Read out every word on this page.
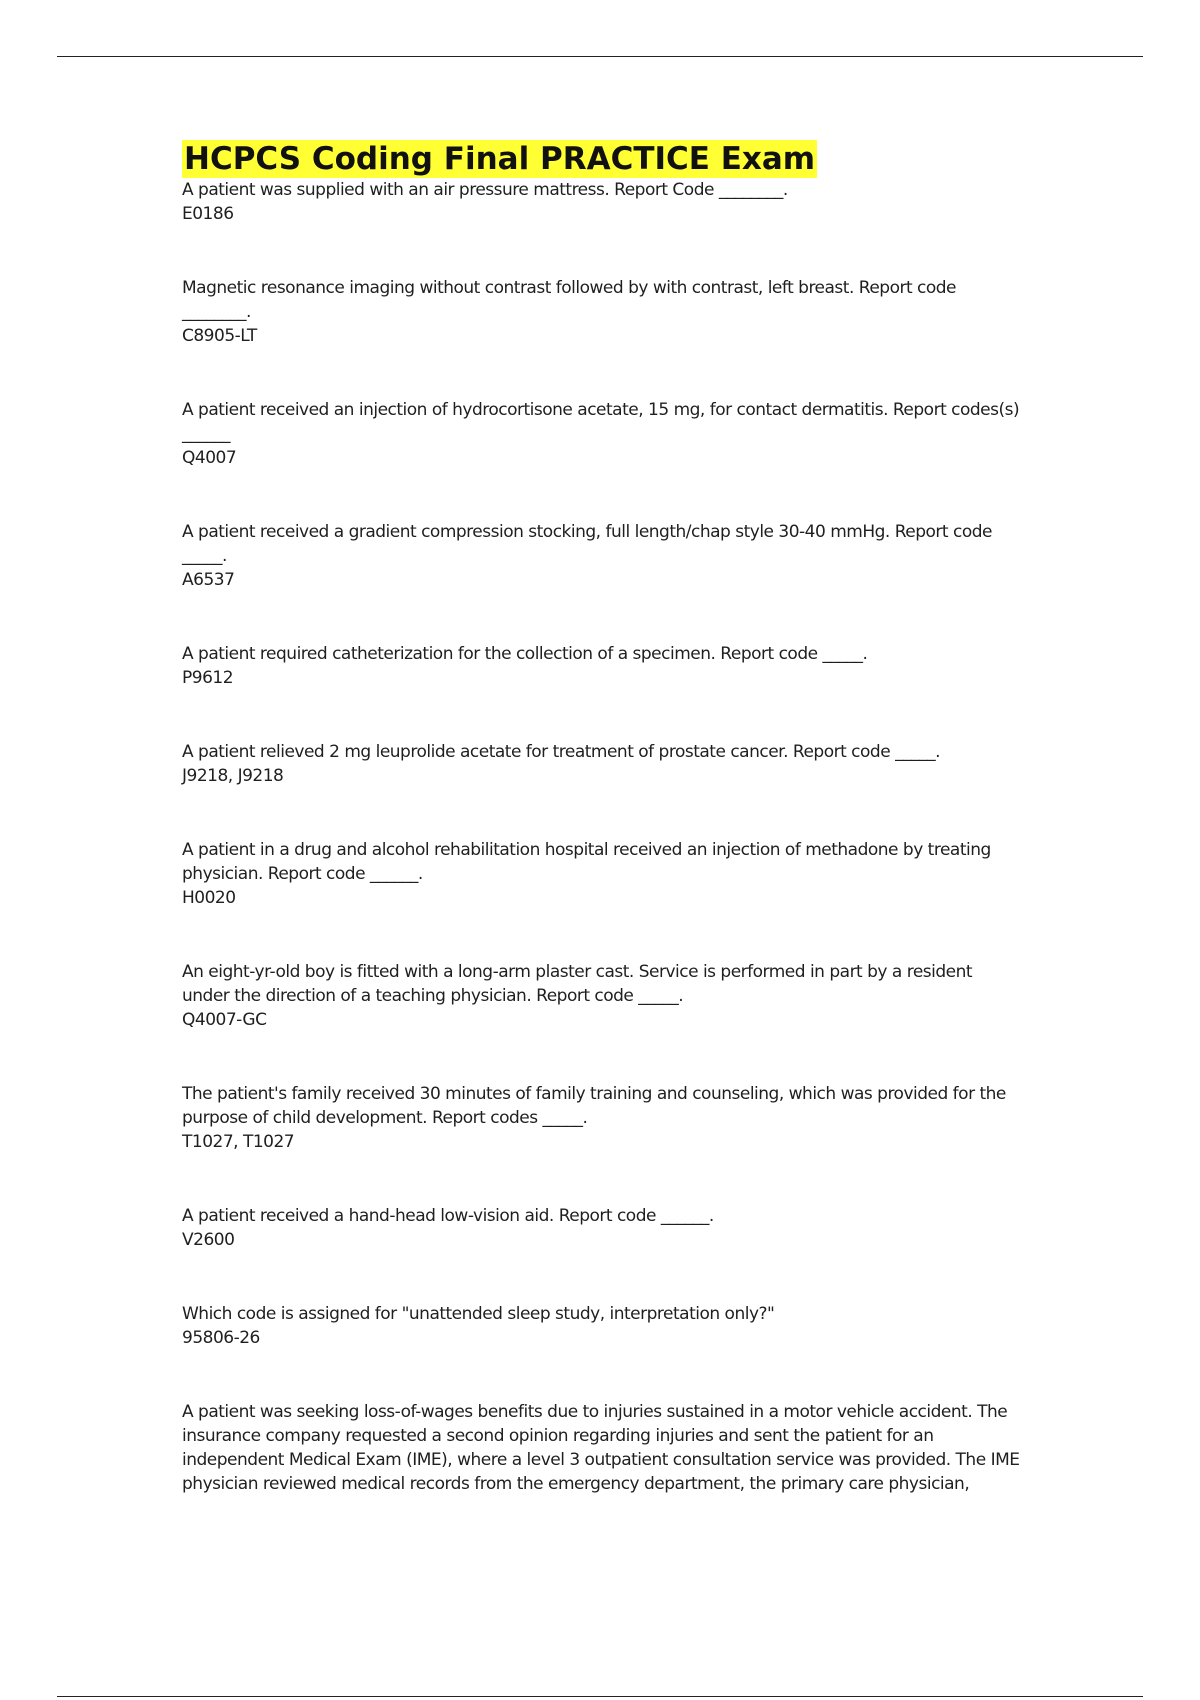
HCPCS Coding Final PRACTICE Exam

A patient was supplied with an air pressure mattress. Report Code ________.

E0186

Magnetic resonance imaging without contrast followed by with contrast, left breast. Report code ________.

C8905-LT

A patient received an injection of hydrocortisone acetate, 15 mg, for contact dermatitis. Report codes(s) ______

Q4007

A patient received a gradient compression stocking, full length/chap style 30-40 mmHg. Report code _____.

A6537

A patient required catheterization for the collection of a specimen. Report code _____.

P9612

A patient relieved 2 mg leuprolide acetate for treatment of prostate cancer. Report code _____.

J9218, J9218

A patient in a drug and alcohol rehabilitation hospital received an injection of methadone by treating physician. Report code ______.

H0020

An eight-yr-old boy is fitted with a long-arm plaster cast. Service is performed in part by a resident under the direction of a teaching physician. Report code _____.

Q4007-GC

The patient's family received 30 minutes of family training and counseling, which was provided for the purpose of child development. Report codes _____.

T1027, T1027

A patient received a hand-head low-vision aid. Report code ______.

V2600

Which code is assigned for "unattended sleep study, interpretation only?"

95806-26

A patient was seeking loss-of-wages benefits due to injuries sustained in a motor vehicle accident. The insurance company requested a second opinion regarding injuries and sent the patient for an independent Medical Exam (IME), where a level 3 outpatient consultation service was provided. The IME physician reviewed medical records from the emergency department, the primary care physician,
